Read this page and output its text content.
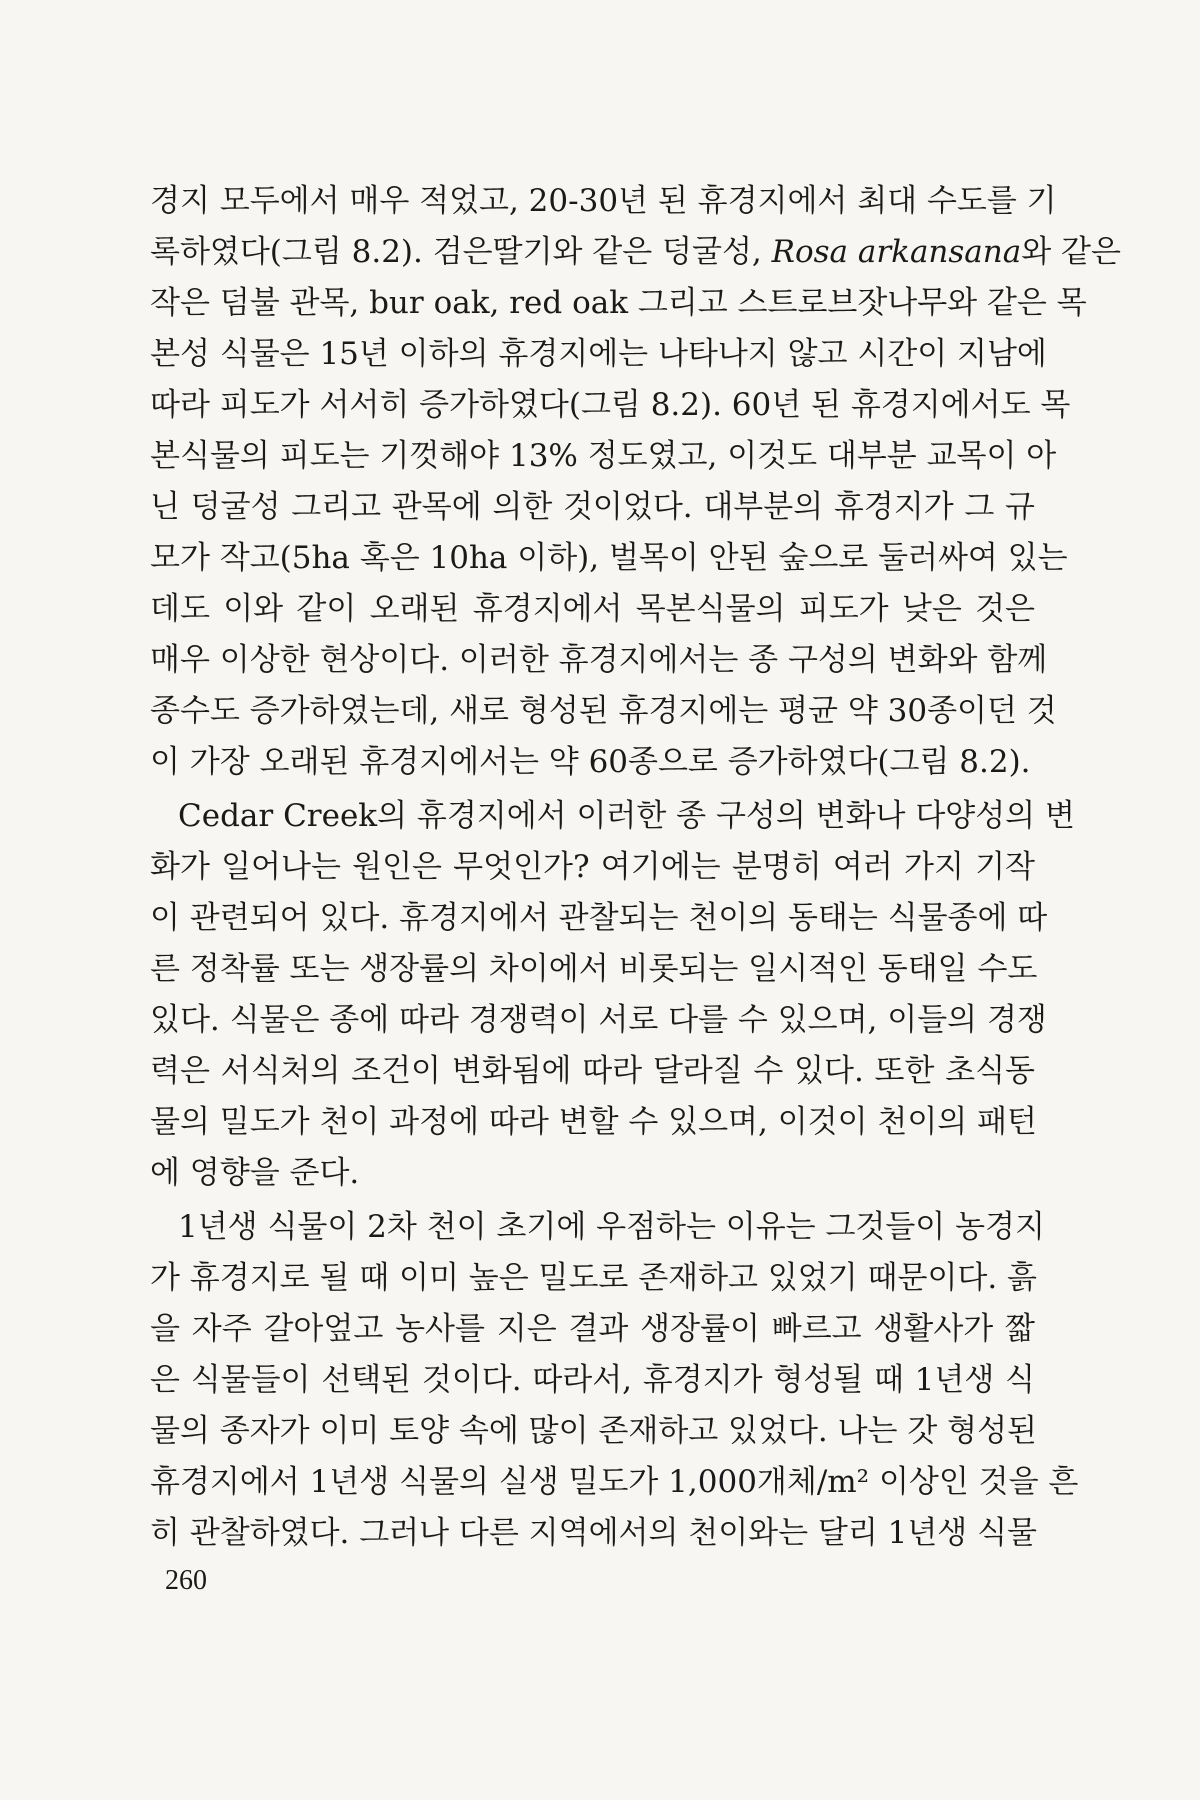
경지 모두에서 매우 적었고, 20-30년 된 휴경지에서 최대 수도를 기
록하였다(그림 8.2). 검은딸기와 같은 덩굴성, Rosa arkansana와 같은
작은 덤불 관목, bur oak, red oak 그리고 스트로브잣나무와 같은 목
본성 식물은 15년 이하의 휴경지에는 나타나지 않고 시간이 지남에
따라 피도가 서서히 증가하였다(그림 8.2). 60년 된 휴경지에서도 목
본식물의 피도는 기껏해야 13% 정도였고, 이것도 대부분 교목이 아
닌 덩굴성 그리고 관목에 의한 것이었다. 대부분의 휴경지가 그 규
모가 작고(5ha 혹은 10ha 이하), 벌목이 안된 숲으로 둘러싸여 있는
데도 이와 같이 오래된 휴경지에서 목본식물의 피도가 낮은 것은
매우 이상한 현상이다. 이러한 휴경지에서는 종 구성의 변화와 함께
종수도 증가하였는데, 새로 형성된 휴경지에는 평균 약 30종이던 것
이 가장 오래된 휴경지에서는 약 60종으로 증가하였다(그림 8.2).
Cedar Creek의 휴경지에서 이러한 종 구성의 변화나 다양성의 변
화가 일어나는 원인은 무엇인가? 여기에는 분명히 여러 가지 기작
이 관련되어 있다. 휴경지에서 관찰되는 천이의 동태는 식물종에 따
른 정착률 또는 생장률의 차이에서 비롯되는 일시적인 동태일 수도
있다. 식물은 종에 따라 경쟁력이 서로 다를 수 있으며, 이들의 경쟁
력은 서식처의 조건이 변화됨에 따라 달라질 수 있다. 또한 초식동
물의 밀도가 천이 과정에 따라 변할 수 있으며, 이것이 천이의 패턴
에 영향을 준다.
1년생 식물이 2차 천이 초기에 우점하는 이유는 그것들이 농경지
가 휴경지로 될 때 이미 높은 밀도로 존재하고 있었기 때문이다. 흙
을 자주 갈아엎고 농사를 지은 결과 생장률이 빠르고 생활사가 짧
은 식물들이 선택된 것이다. 따라서, 휴경지가 형성될 때 1년생 식
물의 종자가 이미 토양 속에 많이 존재하고 있었다. 나는 갓 형성된
휴경지에서 1년생 식물의 실생 밀도가 1,000개체/m² 이상인 것을 흔
히 관찰하였다. 그러나 다른 지역에서의 천이와는 달리 1년생 식물
260
